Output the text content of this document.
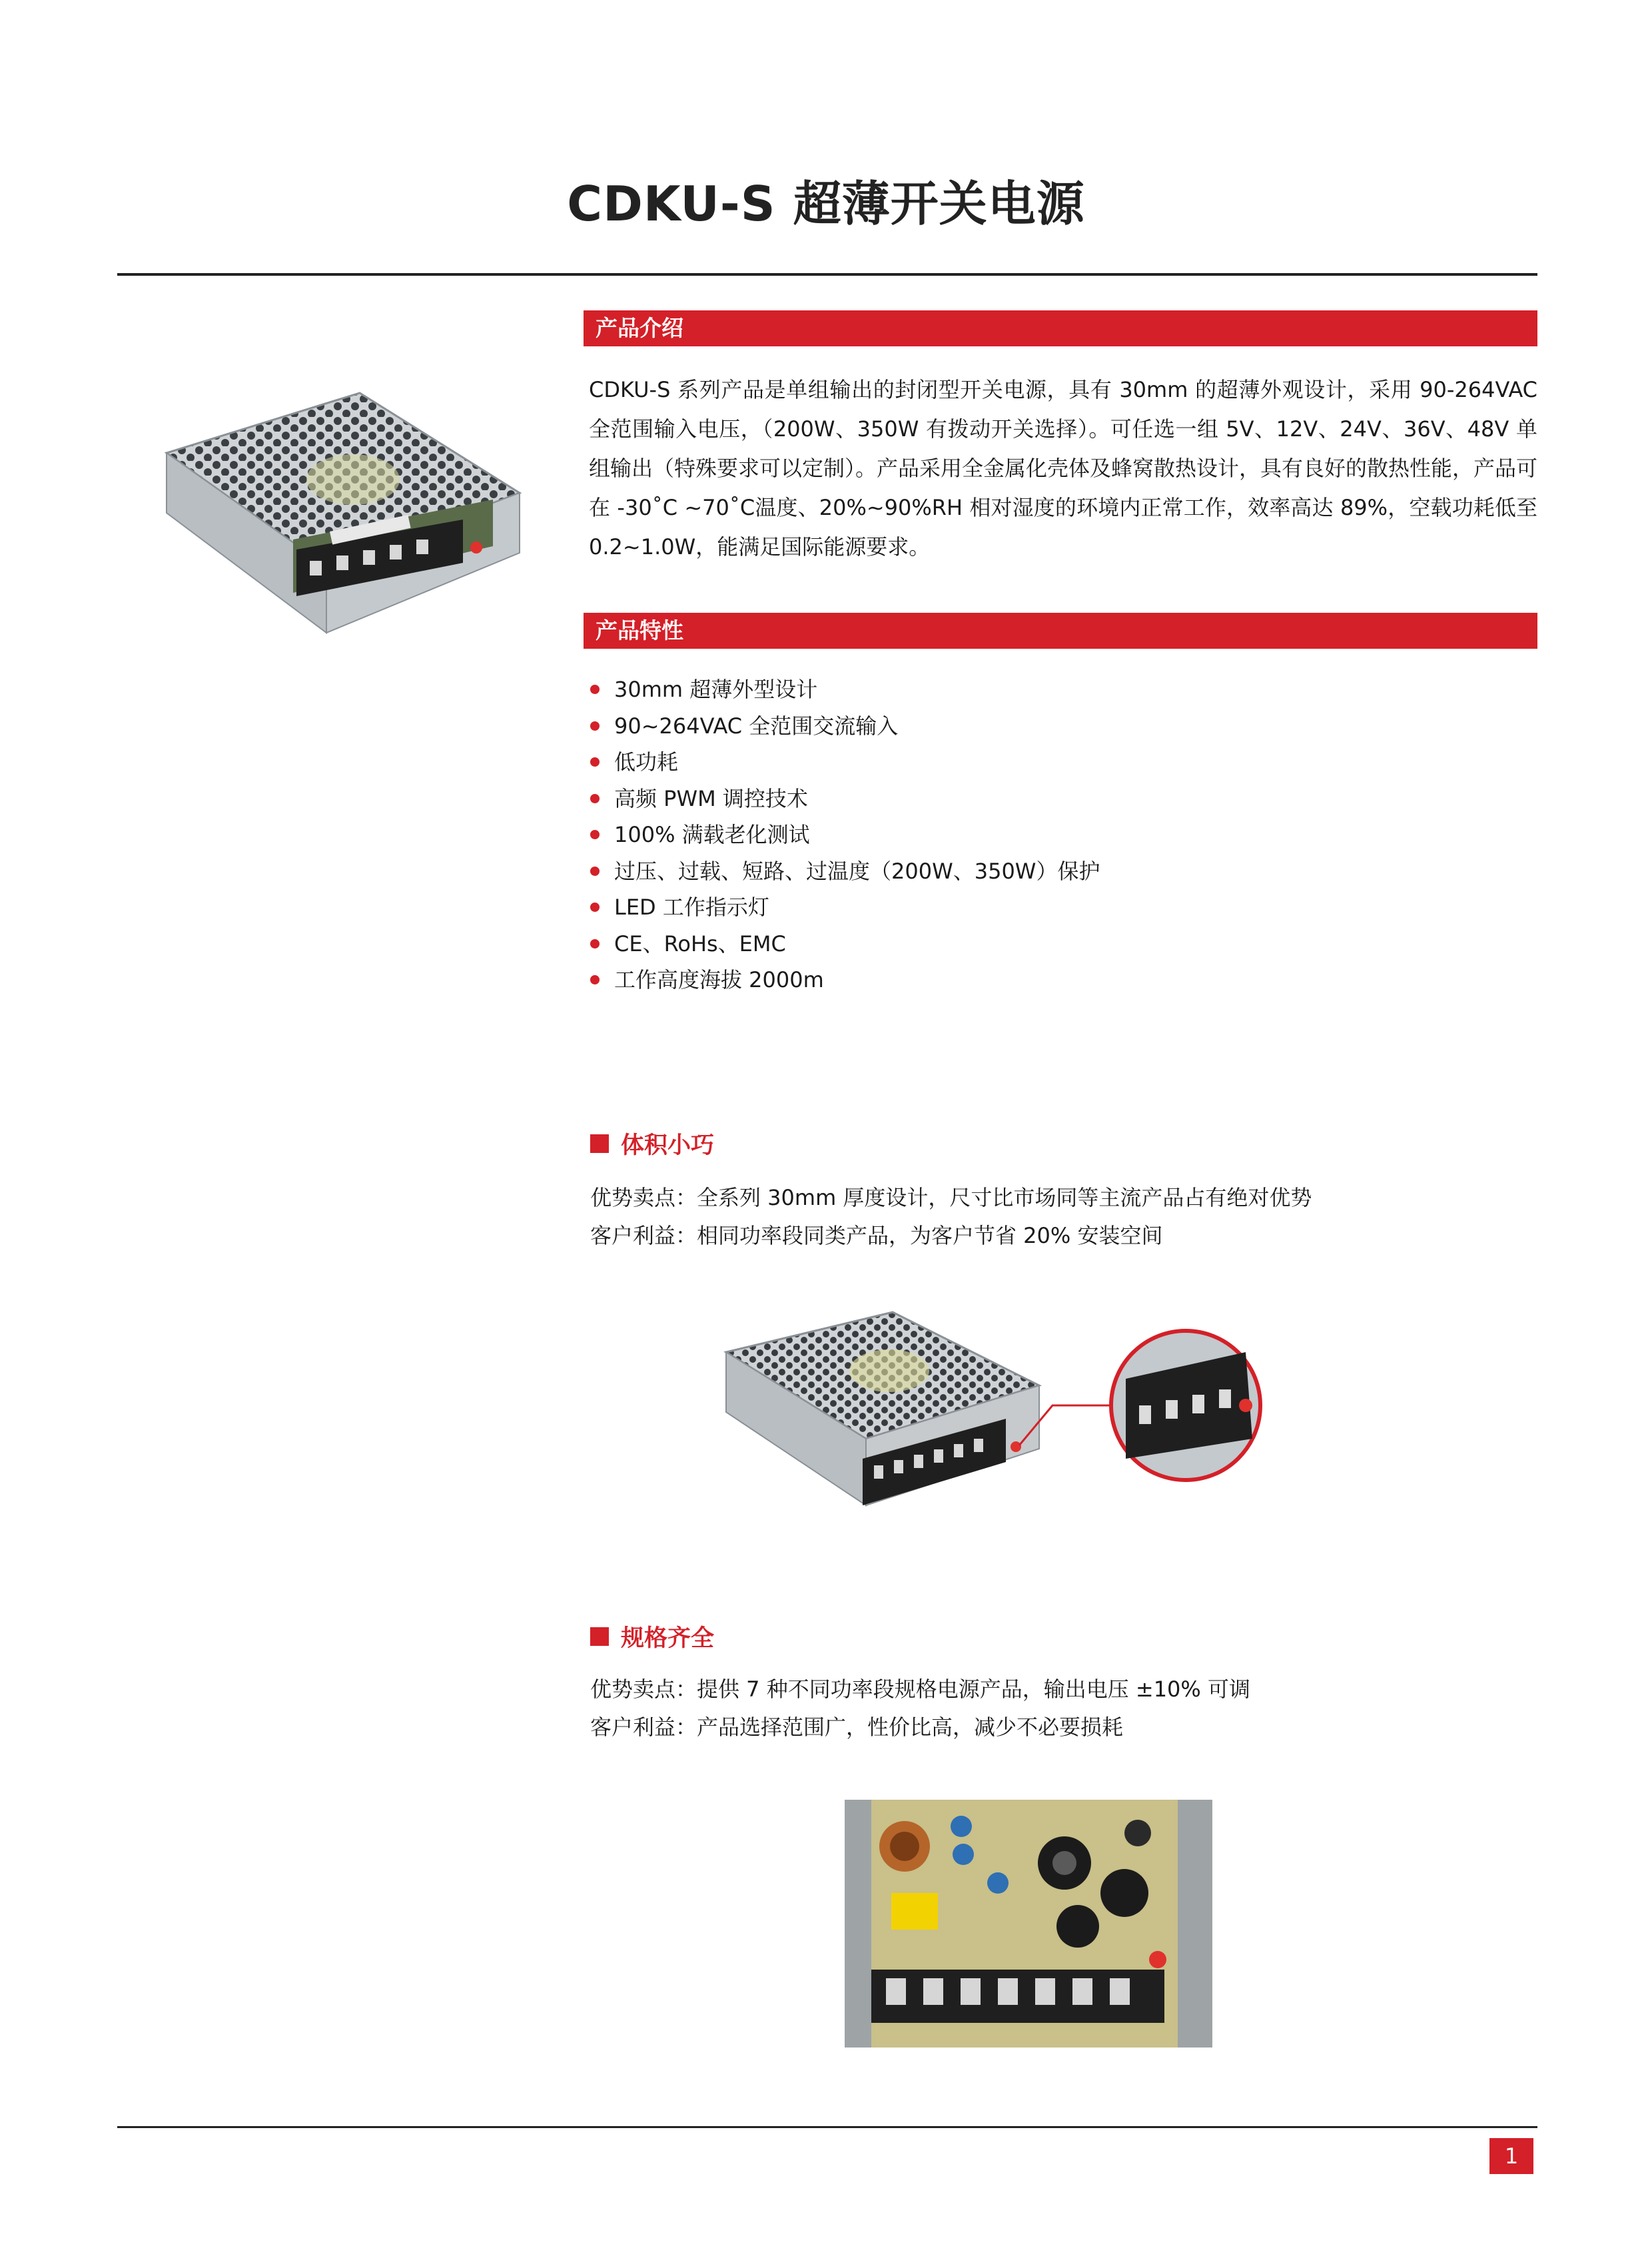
CDKU-S 超薄开关电源
产品介绍
CDKU-S 系列产品是单组输出的封闭型开关电源，具有 30mm 的超薄外观设计，采用 90-264VAC 全范围输入电压，（200W、350W 有拨动开关选择）。可任选一组 5V、12V、24V、36V、48V 单组输出（特殊要求可以定制）。产品采用全金属化壳体及蜂窝散热设计，具有良好的散热性能，产品可在 -30˚C ~70˚C温度、20%~90%RH 相对湿度的环境内正常工作，效率高达 89%，空载功耗低至 0.2~1.0W，能满足国际能源要求。
产品特性
30mm 超薄外型设计
90~264VAC 全范围交流输入
低功耗
高频 PWM 调控技术
100% 满载老化测试
过压、过载、短路、过温度（200W、350W）保护
LED 工作指示灯
CE、RoHs、EMC
工作高度海拔 2000m
体积小巧
优势卖点：全系列 30mm 厚度设计，尺寸比市场同等主流产品占有绝对优势
客户利益：相同功率段同类产品，为客户节省 20% 安装空间
规格齐全
优势卖点：提供 7 种不同功率段规格电源产品，输出电压 ±10% 可调
客户利益：产品选择范围广，性价比高，减少不必要损耗
1
